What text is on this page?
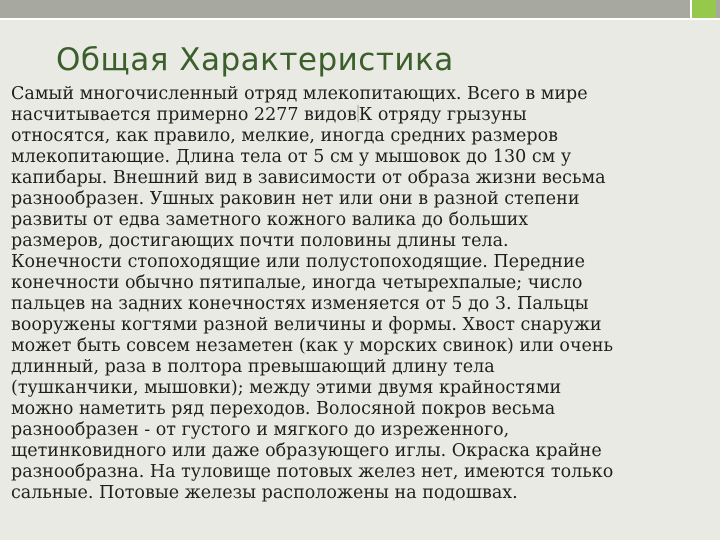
Общая Характеристика

Самый многочисленный отряд млекопитающих. Всего в мире
насчитывается примерно 2277 видов К отряду грызуны
относятся, как правило, мелкие, иногда средних размеров
млекопитающие. Длина тела от 5 см у мышовок до 130 см у
капибары. Внешний вид в зависимости от образа жизни весьма
разнообразен. Ушных раковин нет или они в разной степени
развиты от едва заметного кожного валика до больших
размеров, достигающих почти половины длины тела.
Конечности стопоходящие или полустопоходящие. Передние
конечности обычно пятипалые, иногда четырехпалые; число
пальцев на задних конечностях изменяется от 5 до 3. Пальцы
вооружены когтями разной величины и формы. Хвост снаружи
может быть совсем незаметен (как у морских свинок) или очень
длинный, раза в полтора превышающий длину тела
(тушканчики, мышовки); между этими двумя крайностями
можно наметить ряд переходов. Волосяной покров весьма
разнообразен - от густого и мягкого до изреженного,
щетинковидного или даже образующего иглы. Окраска крайне
разнообразна. На туловище потовых желез нет, имеются только
сальные. Потовые железы расположены на подошвах.
